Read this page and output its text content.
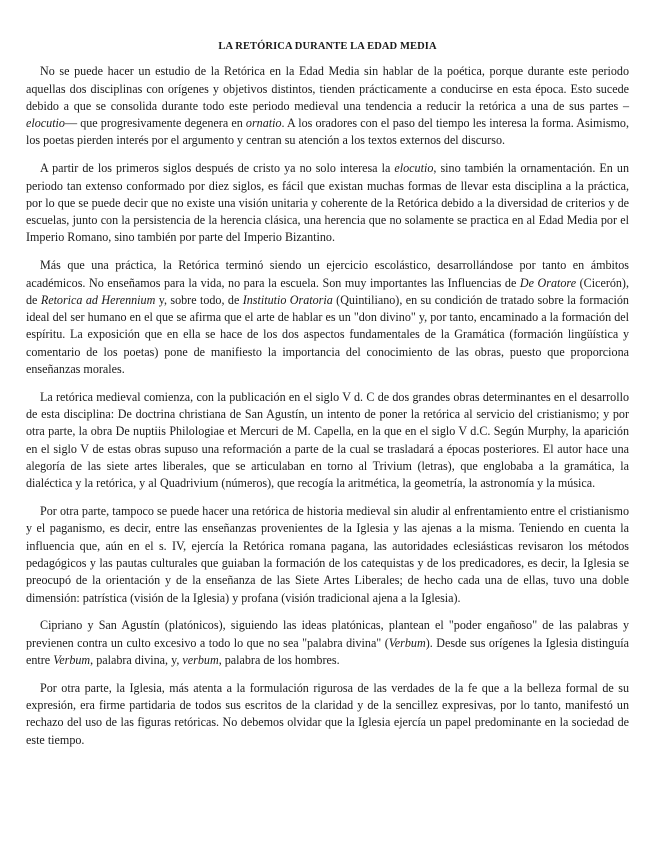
LA RETÓRICA DURANTE LA EDAD MEDIA

No se puede hacer un estudio de la Retórica en la Edad Media sin hablar de la poética, porque durante este periodo aquellas dos disciplinas con orígenes y objetivos distintos, tienden prácticamente a conducirse en esta época. Esto sucede debido a que se consolida durante todo este periodo medieval una tendencia a reducir la retórica a una de sus partes –elocutio— que progresivamente degenera en ornatio. A los oradores con el paso del tiempo les interesa la forma. Asimismo, los poetas pierden interés por el argumento y centran su atención a los textos externos del discurso.

A partir de los primeros siglos después de cristo ya no solo interesa la elocutio, sino también la ornamentación. En un periodo tan extenso conformado por diez siglos, es fácil que existan muchas formas de llevar esta disciplina a la práctica, por lo que se puede decir que no existe una visión unitaria y coherente de la Retórica debido a la diversidad de criterios y de escuelas, junto con la persistencia de la herencia clásica, una herencia que no solamente se practica en al Edad Media por el Imperio Romano, sino también por parte del Imperio Bizantino.

Más que una práctica, la Retórica terminó siendo un ejercicio escolástico, desarrollándose por tanto en ámbitos académicos. No enseñamos para la vida, no para la escuela. Son muy importantes las Influencias de De Oratore (Cicerón), de Retorica ad Herennium y, sobre todo, de Institutio Oratoria (Quintiliano), en su condición de tratado sobre la formación ideal del ser humano en el que se afirma que el arte de hablar es un "don divino" y, por tanto, encaminado a la formación del espíritu. La exposición que en ella se hace de los dos aspectos fundamentales de la Gramática (formación lingüística y comentario de los poetas) pone de manifiesto la importancia del conocimiento de las obras, puesto que proporciona enseñanzas morales.

La retórica medieval comienza, con la publicación en el siglo V d. C de dos grandes obras determinantes en el desarrollo de esta disciplina: De doctrina christiana de San Agustín, un intento de poner la retórica al servicio del cristianismo; y por otra parte, la obra De nuptiis Philologiae et Mercuri de M. Capella, en la que en el siglo V d.C. Según Murphy, la aparición en el siglo V de estas obras supuso una reformación a parte de la cual se trasladará a épocas posteriores. El autor hace una alegoría de las siete artes liberales, que se articulaban en torno al Trivium (letras), que englobaba a la gramática, la dialéctica y la retórica, y al Quadrivium (números), que recogía la aritmética, la geometría, la astronomía y la música.

Por otra parte, tampoco se puede hacer una retórica de historia medieval sin aludir al enfrentamiento entre el cristianismo y el paganismo, es decir, entre las enseñanzas provenientes de la Iglesia y las ajenas a la misma. Teniendo en cuenta la influencia que, aún en el s. IV, ejercía la Retórica romana pagana, las autoridades eclesiásticas revisaron los métodos pedagógicos y las pautas culturales que guiaban la formación de los catequistas y de los predicadores, es decir, la Iglesia se preocupó de la orientación y de la enseñanza de las Siete Artes Liberales; de hecho cada una de ellas, tuvo una doble dimensión: patrística (visión de la Iglesia) y profana (visión tradicional ajena a la Iglesia).

Cipriano y San Agustín (platónicos), siguiendo las ideas platónicas, plantean el "poder engañoso" de las palabras y previenen contra un culto excesivo a todo lo que no sea "palabra divina" (Verbum). Desde sus orígenes la Iglesia distinguía entre Verbum, palabra divina, y, verbum, palabra de los hombres.

Por otra parte, la Iglesia, más atenta a la formulación rigurosa de las verdades de la fe que a la belleza formal de su expresión, era firme partidaria de todos sus escritos de la claridad y de la sencillez expresivas, por lo tanto, manifestó un rechazo del uso de las figuras retóricas. No debemos olvidar que la Iglesia ejercía un papel predominante en la sociedad de este tiempo.
